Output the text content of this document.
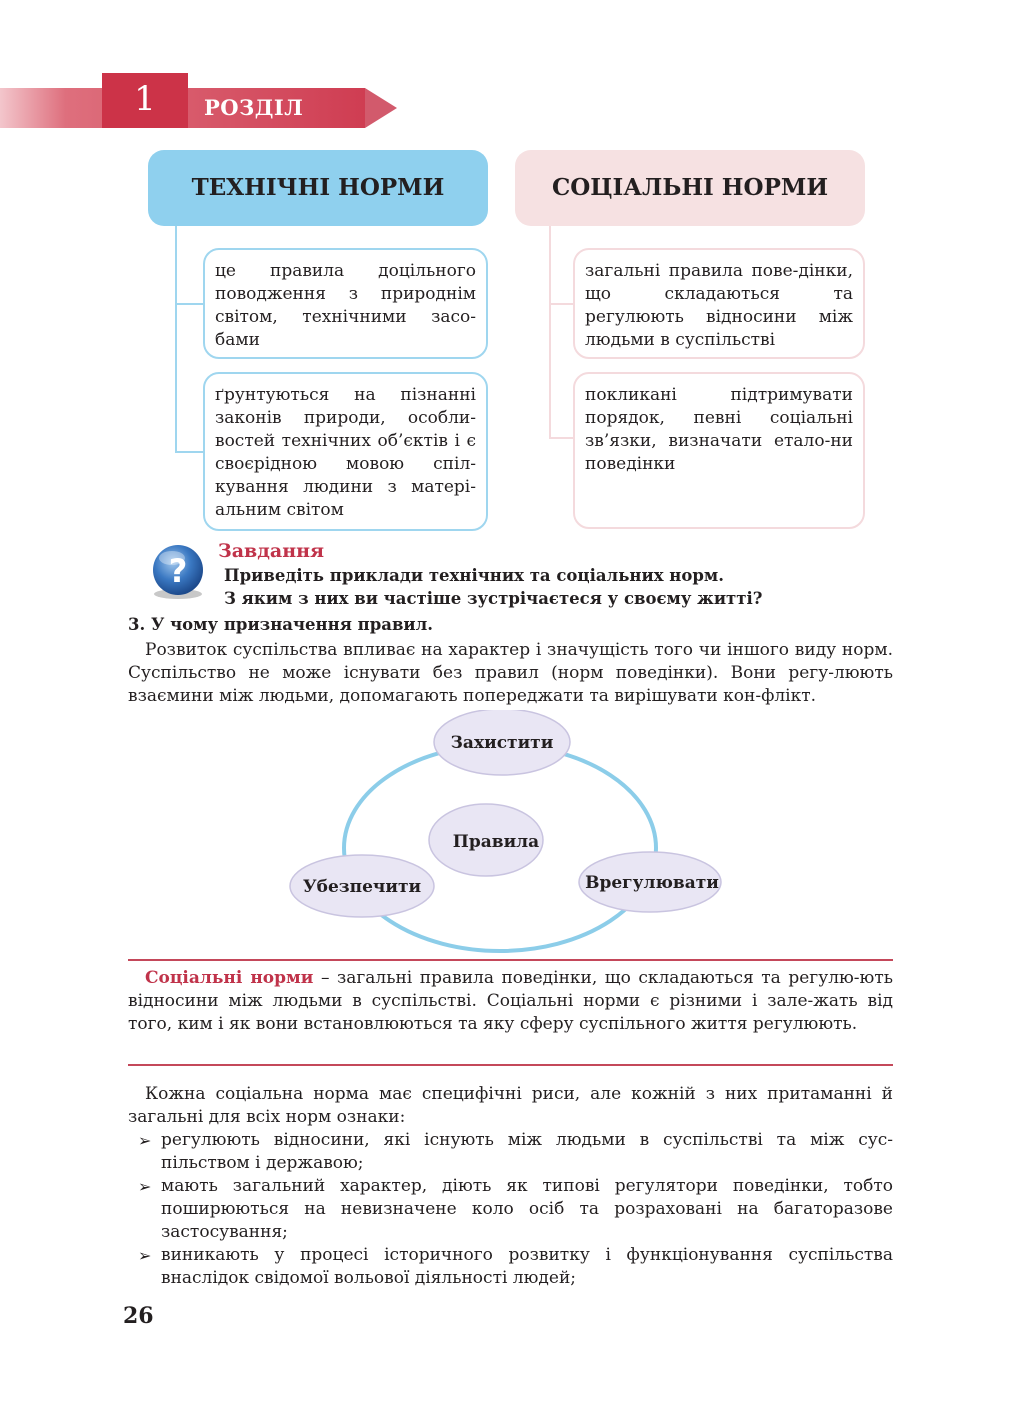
1	РОЗДІЛ
ТЕХНІЧНІ НОРМИ
це правила доцільного поводження з природнім світом, технічними засо-бами
ґрунтуються на пізнанні законів природи, особли-востей технічних об’єктів і є своєрідною мовою спіл-кування людини з матері-альним світом
СОЦІАЛЬНІ НОРМИ
загальні правила пове-дінки, що складаються та регулюють відносини між людьми в суспільстві
покликані підтримувати порядок, певні соціальні зв’язки, визначати етало-ни поведінки
?
Завдання
Приведіть приклади технічних та соціальних норм.
З яким з них ви частіше зустрічаєтеся у своєму житті?
3. У чому призначення правил.
Розвиток суспільства впливає на характер і значущість того чи іншого виду норм. Суспільство не може існувати без правил (норм поведінки). Вони регу-люють взаємини між людьми, допомагають попереджати та вирішувати кон-флікт.
Правила
Захистити
Убезпечити	Врегулювати
Соціальні норми – загальні правила поведінки, що складаються та регулю-ють відносини між людьми в суспільстві. Соціальні норми є різними і зале-жать від того, ким і як вони встановлюються та яку сферу суспільного життя регулюють.
Кожна соціальна норма має специфічні риси, але кожній з них притаманні й загальні для всіх норм ознаки:
➢ регулюють відносини, які існують між людьми в суспільстві та між сус-пільством і державою;
➢ мають загальний характер, діють як типові регулятори поведінки, тобто поширюються на невизначене коло осіб та розраховані на багаторазове застосування;
➢ виникають у процесі історичного розвитку і функціонування суспільства внаслідок свідомої вольової діяльності людей;
26
